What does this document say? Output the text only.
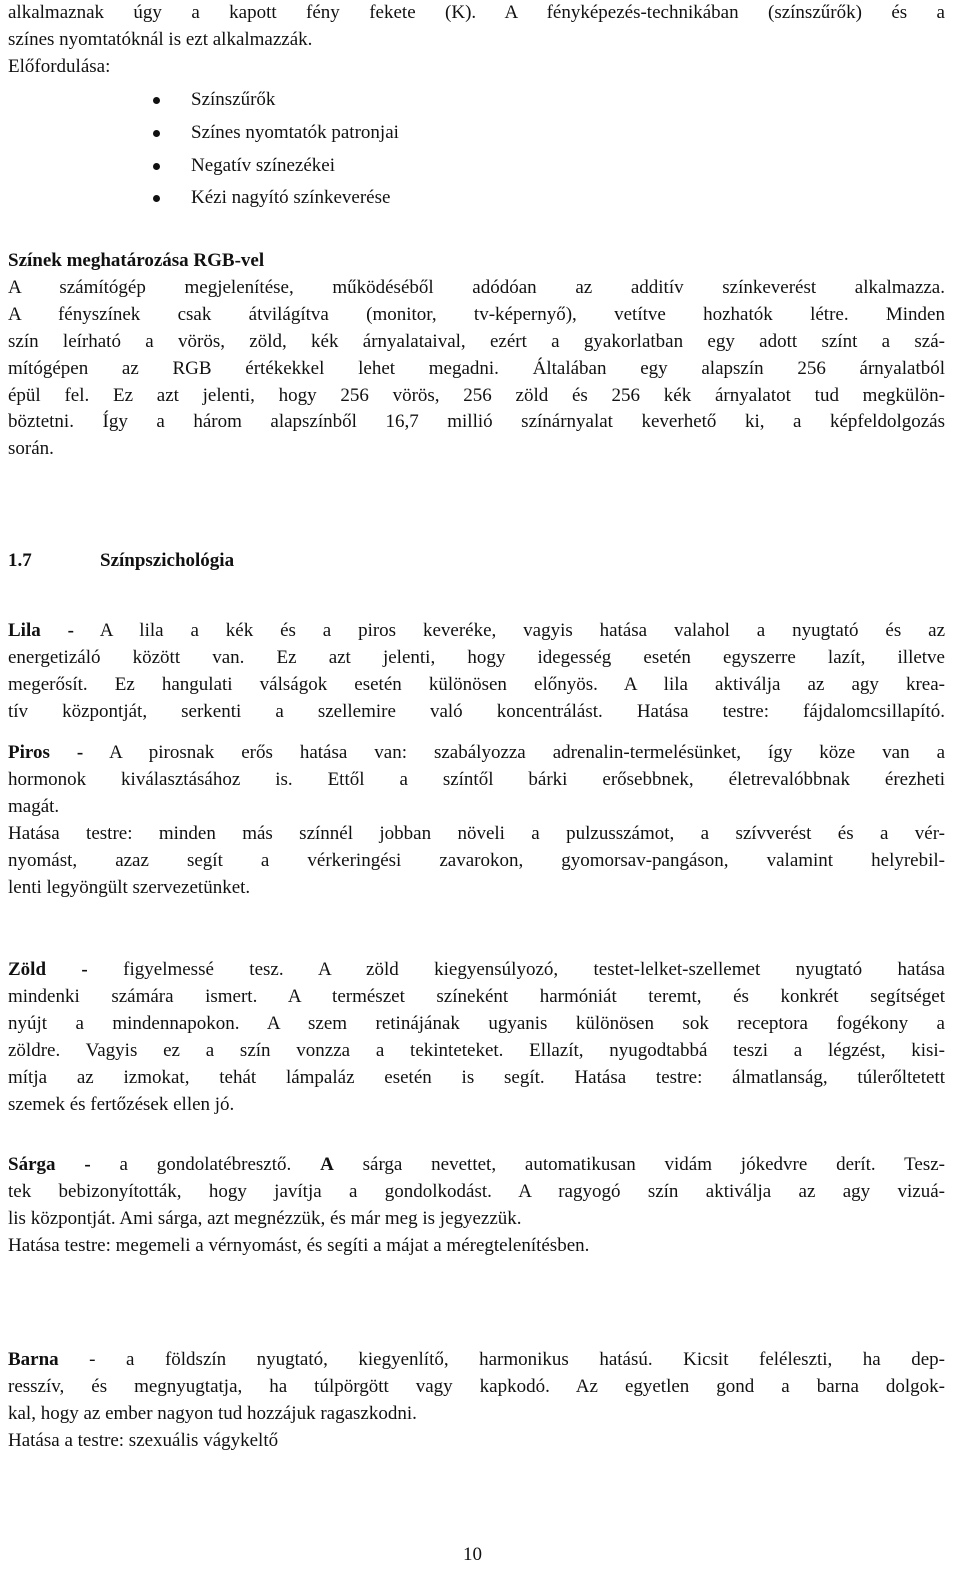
alkalmaznak úgy a kapott fény fekete (K). A fényképezés-technikában (színszűrők) és a

színes nyomtatóknál is ezt alkalmazzák.

Előfordulása:

Színszűrők
Színes nyomtatók patronjai
Negatív színezékei
Kézi nagyító színkeverése

Színek meghatározása RGB-vel

A számítógép megjelenítése, működéséből adódóan az additív színkeverést alkalmazza.

A fényszínek csak átvilágítva (monitor, tv-képernyő), vetítve hozhatók létre. Minden

szín leírható a vörös, zöld, kék árnyalataival, ezért a gyakorlatban egy adott színt a szá-

mítógépen az RGB értékekkel lehet megadni. Általában egy alapszín 256 árnyalatból

épül fel. Ez azt jelenti, hogy 256 vörös, 256 zöld és 256 kék árnyalatot tud megkülön-

böztetni. Így a három alapszínből 16,7 millió színárnyalat keverhető ki, a képfeldolgozás

során.

1.7	Színpszichológia

Lila - A lila a kék és a piros keveréke, vagyis hatása valahol a nyugtató és az

energetizáló között van. Ez azt jelenti, hogy idegesség esetén egyszerre lazít, illetve

megerősít. Ez hangulati válságok esetén különösen előnyös. A lila aktiválja az agy krea-

tív központját, serkenti a szellemire való koncentrálást. Hatása testre: fájdalomcsillapító.

Piros - A pirosnak erős hatása van: szabályozza adrenalin-termelésünket, így köze van a

hormonok kiválasztásához is. Ettől a színtől bárki erősebbnek, életrevalóbbnak érezheti

magát.

Hatása testre: minden más színnél jobban növeli a pulzusszámot, a szívverést és a vér-

nyomást, azaz segít a vérkeringési zavarokon, gyomorsav-pangáson, valamint helyrebil-

lenti legyöngült szervezetünket.

Zöld - figyelmessé tesz. A zöld kiegyensúlyozó, testet-lelket-szellemet nyugtató hatása

mindenki számára ismert. A természet színeként harmóniát teremt, és konkrét segítséget

nyújt a mindennapokon. A szem retinájának ugyanis különösen sok receptora fogékony a

zöldre. Vagyis ez a szín vonzza a tekinteteket. Ellazít, nyugodtabbá teszi a légzést, kisi-

mítja az izmokat, tehát lámpaláz esetén is segít. Hatása testre: álmatlanság, túlerőltetett

szemek és fertőzések ellen jó.

Sárga - a gondolatébresztő. A sárga nevettet, automatikusan vidám jókedvre derít. Tesz-

tek bebizonyították, hogy javítja a gondolkodást. A ragyogó szín aktiválja az agy vizuá-

lis központját. Ami sárga, azt megnézzük, és már meg is jegyezzük.

Hatása testre: megemeli a vérnyomást, és segíti a májat a méregtelenítésben.

Barna - a földszín nyugtató, kiegyenlítő, harmonikus hatású. Kicsit feléleszti, ha dep-

resszív, és megnyugtatja, ha túlpörgött vagy kapkodó. Az egyetlen gond a barna dolgok-

kal, hogy az ember nagyon tud hozzájuk ragaszkodni.

Hatása a testre: szexuális vágykeltő

10
